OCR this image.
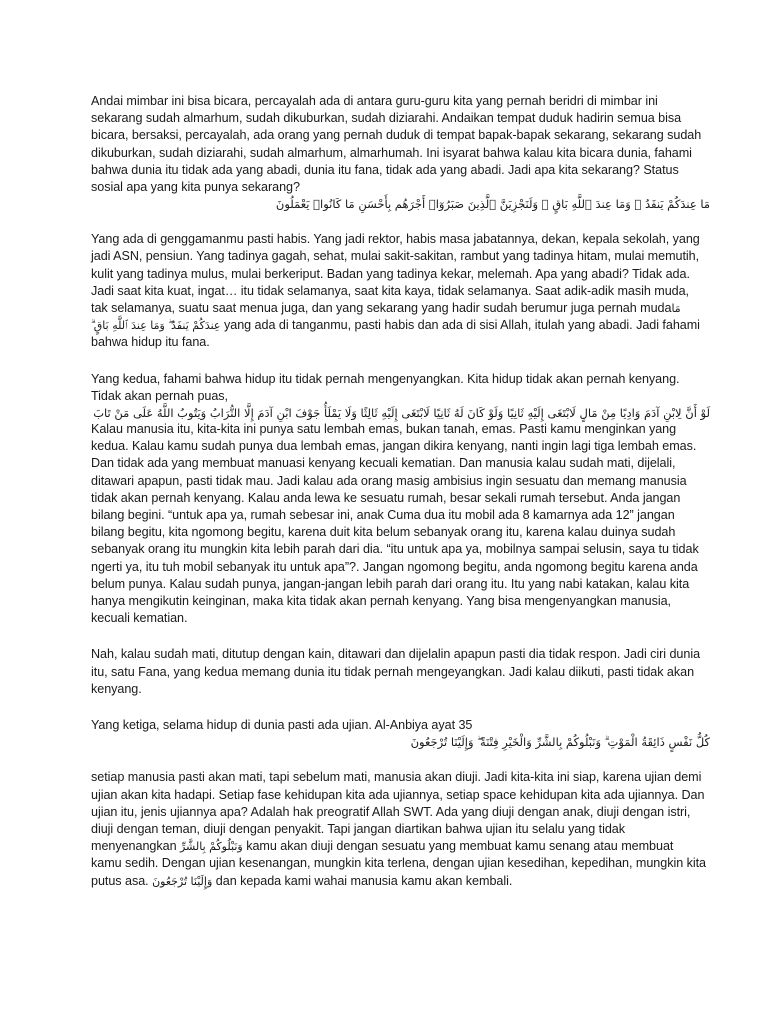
Andai mimbar ini bisa bicara, percayalah ada di antara guru-guru kita yang pernah beridri di mimbar ini sekarang sudah almarhum, sudah dikuburkan, sudah diziarahi. Andaikan tempat duduk hadirin semua bisa bicara, bersaksi, percayalah, ada orang yang pernah duduk di tempat bapak-bapak sekarang, sekarang sudah dikuburkan, sudah diziarahi, sudah almarhum, almarhumah. Ini isyarat bahwa kalau kita bicara dunia, fahami bahwa dunia itu tidak ada yang abadi, dunia itu fana, tidak ada yang abadi. Jadi apa kita sekarang? Status sosial apa yang kita punya sekarang?
مَا عِندَكُمْ يَنفَدُ ۖ وَمَا عِندَ ٱللَّهِ بَاقٍ ۗ وَلَنَجْزِيَنَّ ٱلَّذِينَ صَبَرُوٓا۟ أَجْرَهُم بِأَحْسَنِ مَا كَانُوا۟ يَعْمَلُونَ

Yang ada di genggamanmu pasti habis. Yang jadi rektor, habis masa jabatannya, dekan, kepala sekolah, yang jadi ASN, pensiun. Yang tadinya gagah, sehat, mulai sakit-sakitan, rambut yang tadinya hitam, mulai memutih, kulit yang tadinya mulus, mulai berkeriput. Badan yang tadinya kekar, melemah. Apa yang abadi? Tidak ada. Jadi saat kita kuat, ingat… itu tidak selamanya, saat kita kaya, tidak selamanya. Saat adik-adik masih muda, tak selamanya, suatu saat menua juga, dan yang sekarang yang hadir sudah berumur juga pernah mudaمَا عِندَكُمْ يَنفَدُ ۖ وَمَا عِندَ ٱللَّهِ بَاقٍ ۗ yang ada di tanganmu, pasti habis dan ada di sisi Allah, itulah yang abadi. Jadi fahami bahwa hidup itu fana.

Yang kedua, fahami bahwa hidup itu tidak pernah mengenyangkan. Kita hidup tidak akan pernah kenyang. Tidak akan pernah puas,
لَوْ أَنَّ لِابْنِ آدَمَ وَادِيًا مِنْ مَالٍ لَابْتَغَى إِلَيْهِ ثَانِيًا وَلَوْ كَانَ لَهُ ثَانِيًا لَابْتَغَى إِلَيْهِ ثَالِثًا وَلَا يَمْلَأُ جَوْفَ ابْنِ آدَمَ إِلَّا التُّرَابُ وَيَتُوبُ اللَّهُ عَلَى مَنْ تَابَ
Kalau manusia itu, kita-kita ini punya satu lembah emas, bukan tanah, emas. Pasti kamu menginkan yang kedua. Kalau kamu sudah punya dua lembah emas, jangan dikira kenyang, nanti ingin lagi tiga lembah emas. Dan tidak ada yang membuat manuasi kenyang kecuali kematian. Dan manusia kalau sudah mati, dijelali, ditawari apapun, pasti tidak mau. Jadi kalau ada orang masig ambisius ingin sesuatu dan memang manusia tidak akan pernah kenyang. Kalau anda lewa ke sesuatu rumah, besar sekali rumah tersebut. Anda jangan bilang begini. “untuk apa ya, rumah sebesar ini, anak Cuma dua itu mobil ada 8 kamarnya ada 12” jangan bilang begitu, kita ngomong begitu, karena duit kita belum sebanyak orang itu, karena kalau duinya sudah sebanyak orang itu mungkin kita lebih parah dari dia. “itu untuk apa ya, mobilnya sampai selusin, saya tu tidak ngerti ya, itu tuh mobil sebanyak itu untuk apa”?. Jangan ngomong begitu, anda ngomong begitu karena anda belum punya. Kalau sudah punya, jangan-jangan lebih parah dari orang itu. Itu yang nabi katakan, kalau kita hanya mengikutin keinginan, maka kita tidak akan pernah kenyang. Yang bisa mengenyangkan manusia, kecuali kematian.

Nah, kalau sudah mati, ditutup dengan kain, ditawari dan dijelalin apapun pasti dia tidak respon. Jadi ciri dunia itu, satu Fana, yang kedua memang dunia itu tidak pernah mengeyangkan. Jadi kalau diikuti, pasti tidak akan kenyang.

Yang ketiga, selama hidup di dunia pasti ada ujian. Al-Anbiya ayat 35
كُلُّ نَفْسٍ ذَائِقَةُ الْمَوْتِ ۗ وَنَبْلُوكُمْ بِالشَّرِّ وَالْخَيْرِ فِتْنَةً ۖ وَإِلَيْنَا تُرْجَعُونَ

setiap manusia pasti akan mati, tapi sebelum mati, manusia akan diuji. Jadi kita-kita ini siap, karena ujian demi ujian akan kita hadapi. Setiap fase kehidupan kita ada ujiannya, setiap space kehidupan kita ada ujiannya. Dan ujian itu, jenis ujiannya apa? Adalah hak preogratif Allah SWT. Ada yang diuji dengan anak, diuji dengan istri, diuji dengan teman, diuji dengan penyakit. Tapi jangan diartikan bahwa ujian itu selalu yang tidak menyenangkan وَنَبْلُوكُمْ بِالشَّرِّ kamu akan diuji dengan sesuatu yang membuat kamu senang atau membuat kamu sedih. Dengan ujian kesenangan, mungkin kita terlena, dengan ujian kesedihan, kepedihan, mungkin kita putus asa. وَإِلَيْنَا تُرْجَعُونَ dan kepada kami wahai manusia kamu akan kembali.
